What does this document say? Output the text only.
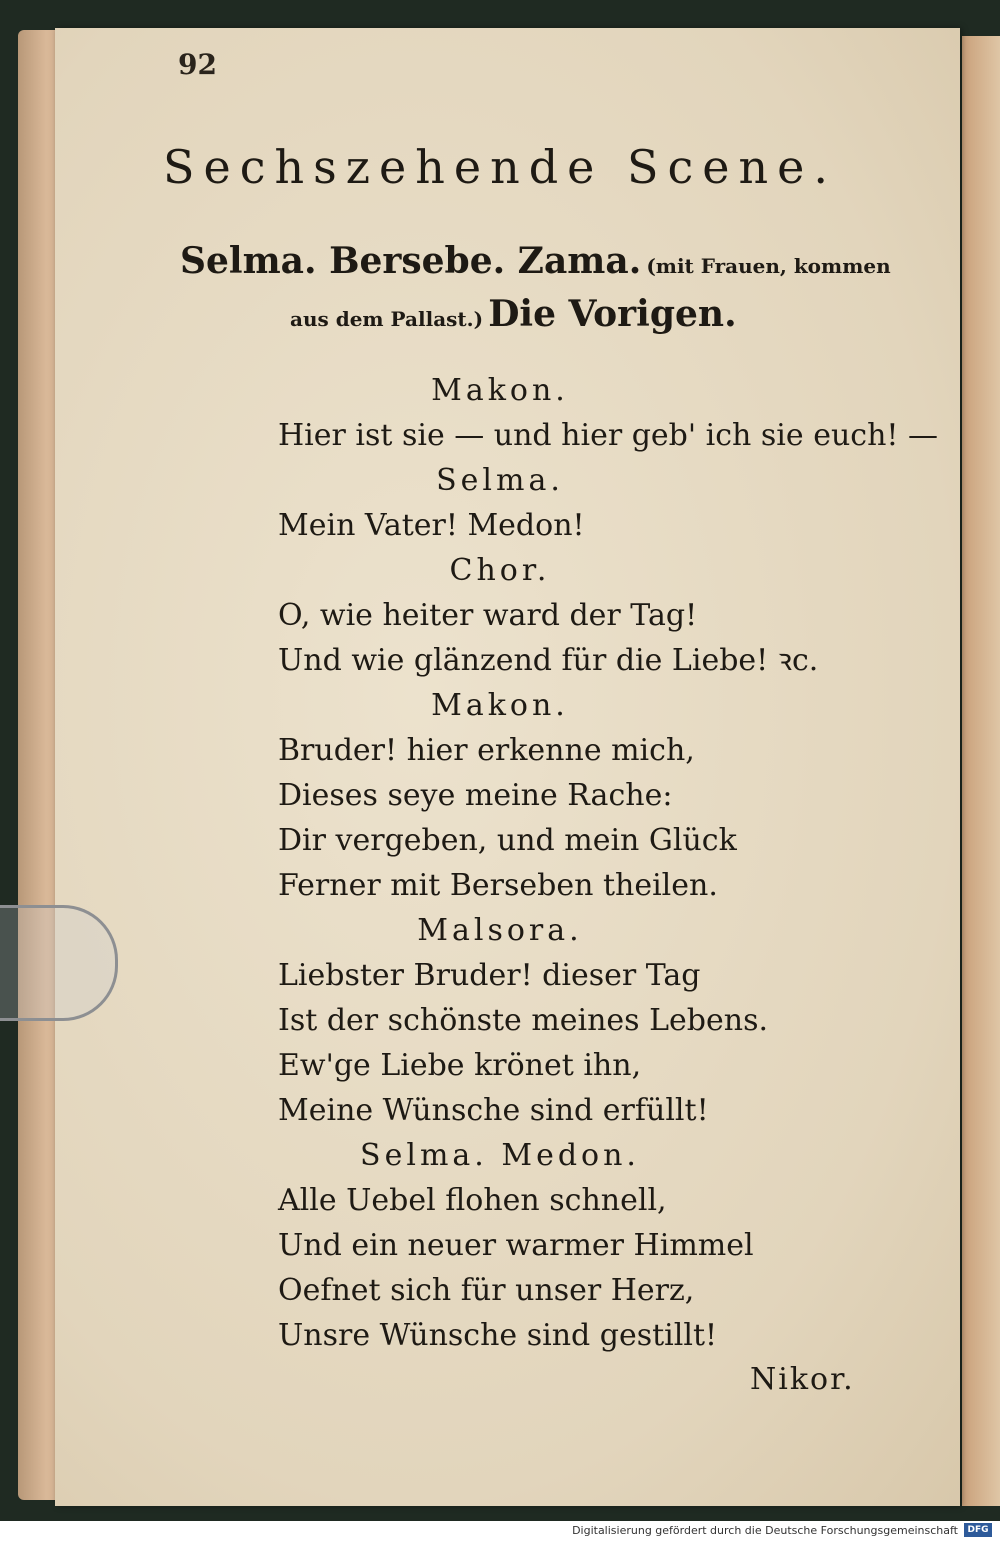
92
Sechszehende Scene.
Selma. Bersebe. Zama. (mit Frauen, kommen
aus dem Pallast.) Die Vorigen.
Makon.
Hier ist sie — und hier geb' ich sie euch! —
Selma.
Mein Vater! Medon!
Chor.
O, wie heiter ward der Tag!
Und wie glänzend für die Liebe! ꝛc.
Makon.
Bruder! hier erkenne mich,
Dieses seye meine Rache:
Dir vergeben, und mein Glück
Ferner mit Berseben theilen.
Malsora.
Liebster Bruder! dieser Tag
Ist der schönste meines Lebens.
Ew'ge Liebe krönet ihn,
Meine Wünsche sind erfüllt!
Selma. Medon.
Alle Uebel flohen schnell,
Und ein neuer warmer Himmel
Oefnet sich für unser Herz,
Unsre Wünsche sind gestillt!
Nikor.
Digitalisierung gefördert durch die Deutsche Forschungsgemeinschaft	DFG
